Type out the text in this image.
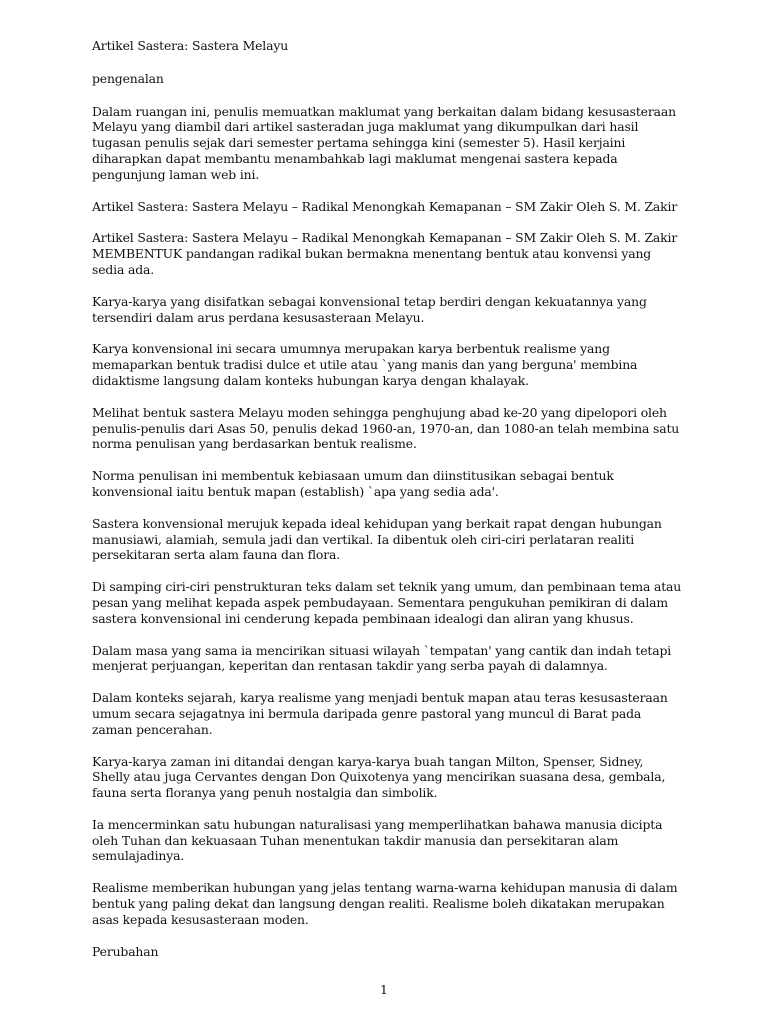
Artikel Sastera: Sastera Melayu

pengenalan

Dalam ruangan ini, penulis memuatkan maklumat yang berkaitan dalam bidang kesusasteraan Melayu yang diambil dari artikel sasteradan juga maklumat yang dikumpulkan dari hasil tugasan penulis sejak dari semester pertama sehingga kini (semester 5). Hasil kerjaini diharapkan dapat membantu menambahkab lagi maklumat mengenai sastera kepada pengunjung laman web ini.

Artikel Sastera: Sastera Melayu – Radikal Menongkah Kemapanan – SM Zakir Oleh S. M. Zakir

Artikel Sastera: Sastera Melayu – Radikal Menongkah Kemapanan – SM Zakir Oleh S. M. Zakir MEMBENTUK pandangan radikal bukan bermakna menentang bentuk atau konvensi yang sedia ada.

Karya-karya yang disifatkan sebagai konvensional tetap berdiri dengan kekuatannya yang tersendiri dalam arus perdana kesusasteraan Melayu.

Karya konvensional ini secara umumnya merupakan karya berbentuk realisme yang memaparkan bentuk tradisi dulce et utile atau `yang manis dan yang berguna' membina didaktisme langsung dalam konteks hubungan karya dengan khalayak.

Melihat bentuk sastera Melayu moden sehingga penghujung abad ke-20 yang dipelopori oleh penulis-penulis dari Asas 50, penulis dekad 1960-an, 1970-an, dan 1080-an telah membina satu norma penulisan yang berdasarkan bentuk realisme.

Norma penulisan ini membentuk kebiasaan umum dan diinstitusikan sebagai bentuk konvensional iaitu bentuk mapan (establish) `apa yang sedia ada'.

Sastera konvensional merujuk kepada ideal kehidupan yang berkait rapat dengan hubungan manusiawi, alamiah, semula jadi dan vertikal. Ia dibentuk oleh ciri-ciri perlataran realiti persekitaran serta alam fauna dan flora.

Di samping ciri-ciri penstrukturan teks dalam set teknik yang umum, dan pembinaan tema atau pesan yang melihat kepada aspek pembudayaan. Sementara pengukuhan pemikiran di dalam sastera konvensional ini cenderung kepada pembinaan idealogi dan aliran yang khusus.

Dalam masa yang sama ia mencirikan situasi wilayah `tempatan' yang cantik dan indah tetapi menjerat perjuangan, keperitan dan rentasan takdir yang serba payah di dalamnya.

Dalam konteks sejarah, karya realisme yang menjadi bentuk mapan atau teras kesusasteraan umum secara sejagatnya ini bermula daripada genre pastoral yang muncul di Barat pada zaman pencerahan.

Karya-karya zaman ini ditandai dengan karya-karya buah tangan Milton, Spenser, Sidney, Shelly atau juga Cervantes dengan Don Quixotenya yang mencirikan suasana desa, gembala, fauna serta floranya yang penuh nostalgia dan simbolik.

Ia mencerminkan satu hubungan naturalisasi yang memperlihatkan bahawa manusia dicipta oleh Tuhan dan kekuasaan Tuhan menentukan takdir manusia dan persekitaran alam semulajadinya.

Realisme memberikan hubungan yang jelas tentang warna-warna kehidupan manusia di dalam bentuk yang paling dekat dan langsung dengan realiti. Realisme boleh dikatakan merupakan asas kepada kesusasteraan moden.

Perubahan

1
